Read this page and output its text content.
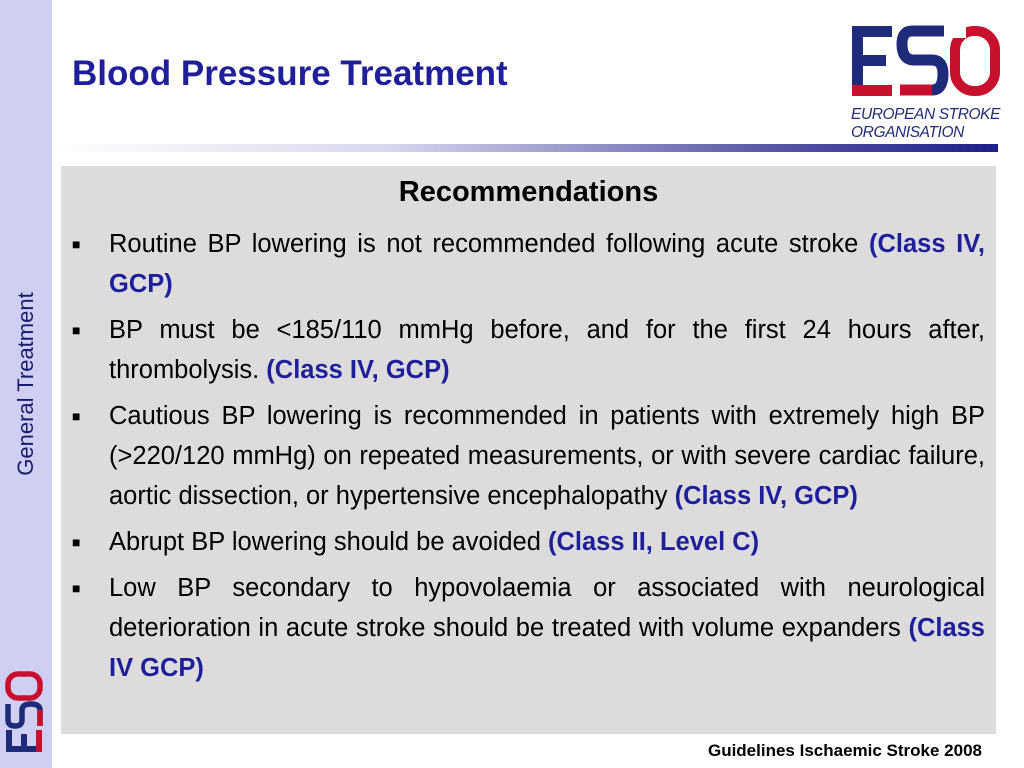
General Treatment
Blood Pressure Treatment
EUROPEAN STROKE
ORGANISATION
Recommendations
■ Routine BP lowering is not recommended following acute stroke (Class IV, GCP)
■ BP must be <185/110 mmHg before, and for the first 24 hours after, thrombolysis. (Class IV, GCP)
■ Cautious BP lowering is recommended in patients with extremely high BP (>220/120 mmHg) on repeated measurements, or with severe cardiac failure, aortic dissection, or hypertensive encephalopathy (Class IV, GCP)
■ Abrupt BP lowering should be avoided (Class II, Level C)
■ Low BP secondary to hypovolaemia or associated with neurological deterioration in acute stroke should be treated with volume expanders (Class IV GCP)
Guidelines Ischaemic Stroke 2008
